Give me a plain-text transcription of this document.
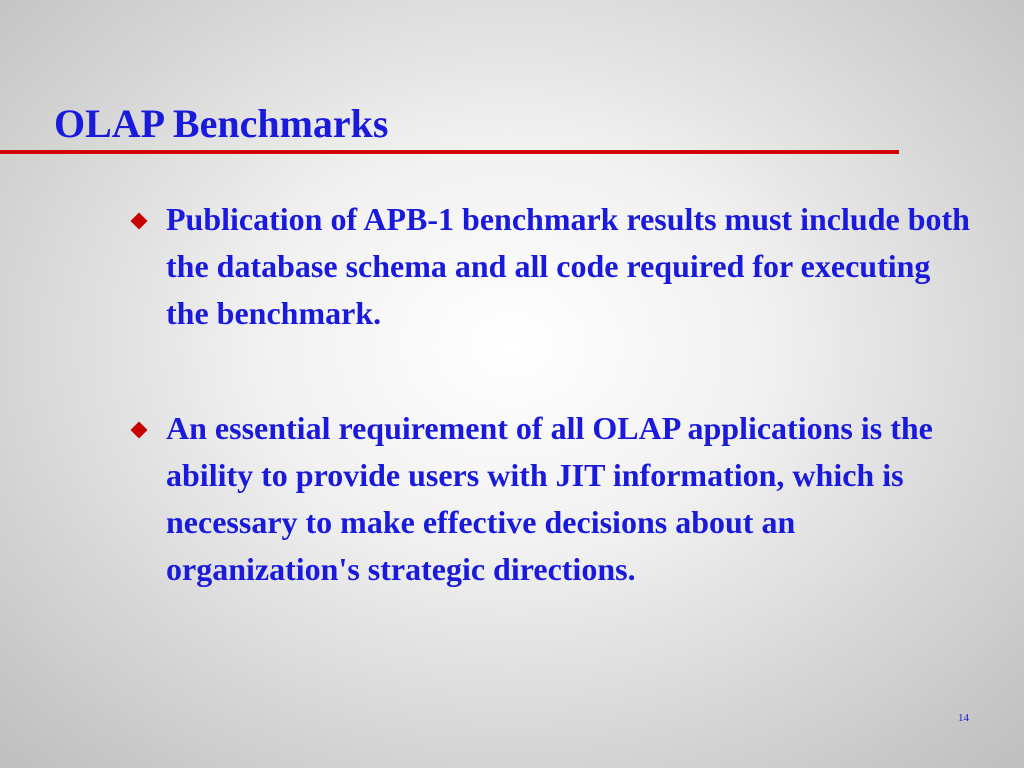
OLAP Benchmarks
Publication of APB-1 benchmark results must include both the database schema and all code required for executing the benchmark.
An essential requirement of all OLAP applications is the ability to provide users with JIT information, which is necessary to make effective decisions about an organization's strategic directions.
14
